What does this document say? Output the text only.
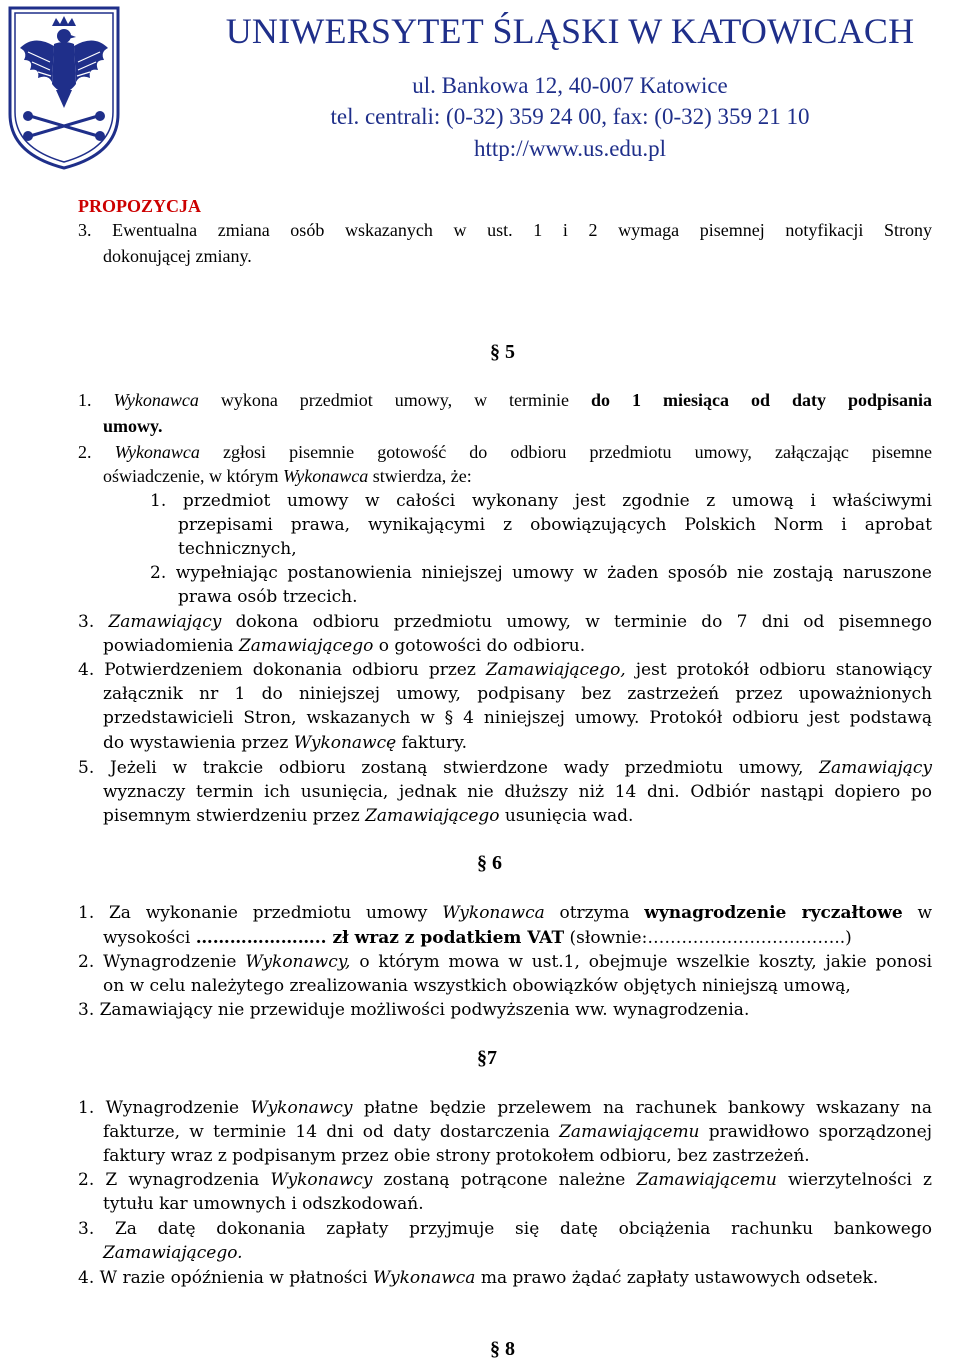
UNIWERSYTET ŚLĄSKI W KATOWICACH
ul. Bankowa 12, 40-007 Katowice
tel. centrali: (0-32) 359 24 00, fax: (0-32) 359 21 10
http://www.us.edu.pl
PROPOZYCJA
3. Ewentualna zmiana osób wskazanych w ust. 1 i 2 wymaga pisemnej notyfikacji Strony
dokonującej zmiany.
§ 5
1. Wykonawca wykona przedmiot umowy, w terminie do 1 miesiąca od daty podpisania
umowy.
2. Wykonawca zgłosi pisemnie gotowość do odbioru przedmiotu umowy, załączając pisemne
oświadczenie, w którym Wykonawca stwierdza, że:
1. przedmiot umowy w całości wykonany jest zgodnie z umową i właściwymi
przepisami prawa, wynikającymi z obowiązujących Polskich Norm i aprobat
technicznych,
2. wypełniając postanowienia niniejszej umowy w żaden sposób nie zostają naruszone
prawa osób trzecich.
3. Zamawiający dokona odbioru przedmiotu umowy, w terminie do 7 dni od pisemnego
powiadomienia Zamawiającego o gotowości do odbioru.
4. Potwierdzeniem dokonania odbioru przez Zamawiającego, jest protokół odbioru stanowiący
załącznik nr 1 do niniejszej umowy, podpisany bez zastrzeżeń przez upoważnionych
przedstawicieli Stron, wskazanych w § 4 niniejszej umowy. Protokół odbioru jest podstawą
do wystawienia przez Wykonawcę faktury.
5. Jeżeli w trakcie odbioru zostaną stwierdzone wady przedmiotu umowy, Zamawiający
wyznaczy termin ich usunięcia, jednak nie dłuższy niż 14 dni. Odbiór nastąpi dopiero po
pisemnym stwierdzeniu przez Zamawiającego usunięcia wad.
§ 6
1. Za wykonanie przedmiotu umowy Wykonawca otrzyma wynagrodzenie ryczałtowe w
wysokości ………………….. zł wraz z podatkiem VAT (słownie:……………………………..)
2. Wynagrodzenie Wykonawcy, o którym mowa w ust.1, obejmuje wszelkie koszty, jakie ponosi
on w celu należytego zrealizowania wszystkich obowiązków objętych niniejszą umową,
3. Zamawiający nie przewiduje możliwości podwyższenia ww. wynagrodzenia.
§7
1. Wynagrodzenie Wykonawcy płatne będzie przelewem na rachunek bankowy wskazany na
fakturze, w terminie 14 dni od daty dostarczenia Zamawiającemu prawidłowo sporządzonej
faktury wraz z podpisanym przez obie strony protokołem odbioru, bez zastrzeżeń.
2. Z wynagrodzenia Wykonawcy zostaną potrącone należne Zamawiającemu wierzytelności z
tytułu kar umownych i odszkodowań.
3. Za datę dokonania zapłaty przyjmuje się datę obciążenia rachunku bankowego
Zamawiającego.
4. W razie opóźnienia w płatności Wykonawca ma prawo żądać zapłaty ustawowych odsetek.
§ 8
